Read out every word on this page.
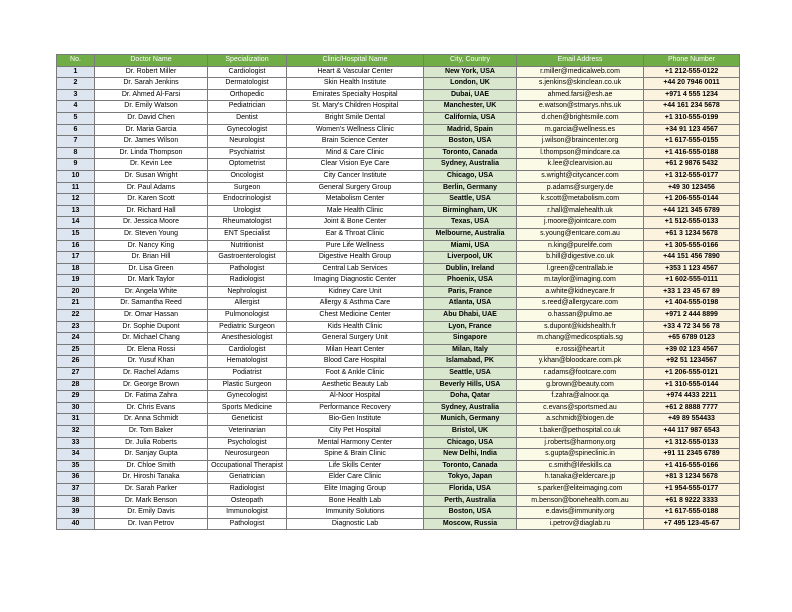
No.	Doctor Name	Specialization	Clinic/Hospital Name	City, Country	Email Address	Phone Number
1	Dr. Robert Miller	Cardiologist	Heart & Vascular Center	New York, USA	r.miller@medicalweb.com	+1 212-555-0122
2	Dr. Sarah Jenkins	Dermatologist	Skin Health Institute	London, UK	s.jenkins@skinclean.co.uk	+44 20 7946 0011
3	Dr. Ahmed Al-Farsi	Orthopedic	Emirates Specialty Hospital	Dubai, UAE	ahmed.farsi@esh.ae	+971 4 555 1234
4	Dr. Emily Watson	Pediatrician	St. Mary's Children Hospital	Manchester, UK	e.watson@stmarys.nhs.uk	+44 161 234 5678
5	Dr. David Chen	Dentist	Bright Smile Dental	California, USA	d.chen@brightsmile.com	+1 310-555-0199
6	Dr. Maria Garcia	Gynecologist	Women's Wellness Clinic	Madrid, Spain	m.garcia@wellness.es	+34 91 123 4567
7	Dr. James Wilson	Neurologist	Brain Science Center	Boston, USA	j.wilson@braincenter.org	+1 617-555-0155
8	Dr. Linda Thompson	Psychiatrist	Mind & Care Clinic	Toronto, Canada	l.thompson@mindcare.ca	+1 416-555-0188
9	Dr. Kevin Lee	Optometrist	Clear Vision Eye Care	Sydney, Australia	k.lee@clearvision.au	+61 2 9876 5432
10	Dr. Susan Wright	Oncologist	City Cancer Institute	Chicago, USA	s.wright@citycancer.com	+1 312-555-0177
11	Dr. Paul Adams	Surgeon	General Surgery Group	Berlin, Germany	p.adams@surgery.de	+49 30 123456
12	Dr. Karen Scott	Endocrinologist	Metabolism Center	Seattle, USA	k.scott@metabolism.com	+1 206-555-0144
13	Dr. Richard Hall	Urologist	Male Health Clinic	Birmingham, UK	r.hall@malehealth.uk	+44 121 345 6789
14	Dr. Jessica Moore	Rheumatologist	Joint & Bone Center	Texas, USA	j.moore@jointcare.com	+1 512-555-0133
15	Dr. Steven Young	ENT Specialist	Ear & Throat Clinic	Melbourne, Australia	s.young@entcare.com.au	+61 3 1234 5678
16	Dr. Nancy King	Nutritionist	Pure Life Wellness	Miami, USA	n.king@purelife.com	+1 305-555-0166
17	Dr. Brian Hill	Gastroenterologist	Digestive Health Group	Liverpool, UK	b.hill@digestive.co.uk	+44 151 456 7890
18	Dr. Lisa Green	Pathologist	Central Lab Services	Dublin, Ireland	l.green@centrallab.ie	+353 1 123 4567
19	Dr. Mark Taylor	Radiologist	Imaging Diagnostic Center	Phoenix, USA	m.taylor@imaging.com	+1 602-555-0111
20	Dr. Angela White	Nephrologist	Kidney Care Unit	Paris, France	a.white@kidneycare.fr	+33 1 23 45 67 89
21	Dr. Samantha Reed	Allergist	Allergy & Asthma Care	Atlanta, USA	s.reed@allergycare.com	+1 404-555-0198
22	Dr. Omar Hassan	Pulmonologist	Chest Medicine Center	Abu Dhabi, UAE	o.hassan@pulmo.ae	+971 2 444 8899
23	Dr. Sophie Dupont	Pediatric Surgeon	Kids Health Clinic	Lyon, France	s.dupont@kidshealth.fr	+33 4 72 34 56 78
24	Dr. Michael Chang	Anesthesiologist	General Surgery Unit	Singapore	m.chang@medicosptials.sg	+65 6789 0123
25	Dr. Elena Rossi	Cardiologist	Milan Heart Center	Milan, Italy	e.rossi@heart.it	+39 02 123 4567
26	Dr. Yusuf Khan	Hematologist	Blood Care Hospital	Islamabad, PK	y.khan@bloodcare.com.pk	+92 51 1234567
27	Dr. Rachel Adams	Podiatrist	Foot & Ankle Clinic	Seattle, USA	r.adams@footcare.com	+1 206-555-0121
28	Dr. George Brown	Plastic Surgeon	Aesthetic Beauty Lab	Beverly Hills, USA	g.brown@beauty.com	+1 310-555-0144
29	Dr. Fatima Zahra	Gynecologist	Al-Noor Hospital	Doha, Qatar	f.zahra@alnoor.qa	+974 4433 2211
30	Dr. Chris Evans	Sports Medicine	Performance Recovery	Sydney, Australia	c.evans@sportsmed.au	+61 2 8888 7777
31	Dr. Anna Schmidt	Geneticist	Bio-Gen Institute	Munich, Germany	a.schmidt@biogen.de	+49 89 554433
32	Dr. Tom Baker	Veterinarian	City Pet Hospital	Bristol, UK	t.baker@pethospital.co.uk	+44 117 987 6543
33	Dr. Julia Roberts	Psychologist	Mental Harmony Center	Chicago, USA	j.roberts@harmony.org	+1 312-555-0133
34	Dr. Sanjay Gupta	Neurosurgeon	Spine & Brain Clinic	New Delhi, India	s.gupta@spineclinic.in	+91 11 2345 6789
35	Dr. Chloe Smith	Occupational Therapist	Life Skills Center	Toronto, Canada	c.smith@lifeskills.ca	+1 416-555-0166
36	Dr. Hiroshi Tanaka	Geriatrician	Elder Care Clinic	Tokyo, Japan	h.tanaka@eldercare.jp	+81 3 1234 5678
37	Dr. Sarah Parker	Radiologist	Elite Imaging Group	Florida, USA	s.parker@eliteimaging.com	+1 954-555-0177
38	Dr. Mark Benson	Osteopath	Bone Health Lab	Perth, Australia	m.benson@bonehealth.com.au	+61 8 9222 3333
39	Dr. Emily Davis	Immunologist	Immunity Solutions	Boston, USA	e.davis@immunity.org	+1 617-555-0188
40	Dr. Ivan Petrov	Pathologist	Diagnostic Lab	Moscow, Russia	i.petrov@diaglab.ru	+7 495 123-45-67
